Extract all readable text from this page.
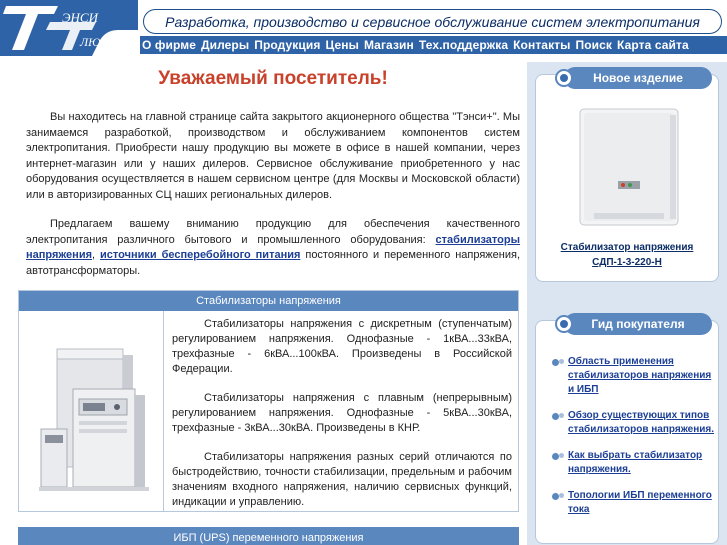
ЭНСИ
ЛЮС
Разработка, производство и сервисное обслуживание систем электропитания
О фирме Дилеры Продукция Цены Магазин Тех.поддержка Контакты Поиск Карта сайта
Уважаемый посетитель!

Вы находитесь на главной странице сайта закрытого акционерного общества "Тэнси+". Мы занимаемся разработкой, производством и обслуживанием компонентов систем электропитания. Приобрести нашу продукцию вы можете в офисе в нашей компании, через интернет-магазин или у наших дилеров. Сервисное обслуживание приобретенного у нас оборудования осуществляется в нашем сервисном центре (для Москвы и Московской области) или в авторизированных СЦ наших региональных дилеров.

Предлагаем вашему вниманию продукцию для обеспечения качественного электропитания различного бытового и промышленного оборудования: стабилизаторы напряжения, источники бесперебойного питания постоянного и переменного напряжения, автотрансформаторы.

Стабилизаторы напряжения

Стабилизаторы напряжения с дискретным (ступенчатым) регулированием напряжения. Однофазные - 1кВА...33кВА, трехфазные - 6кВА...100кВА. Произведены в Российской Федерации.

Стабилизаторы напряжения с плавным (непрерывным) регулированием напряжения. Однофазные - 5кВА...30кВА, трехфазные - 3кВА...30кВА. Произведены в КНР.

Стабилизаторы напряжения разных серий отличаются по быстродействию, точности стабилизации, предельным и рабочим значениям входного напряжения, наличию сервисных функций, индикации и управлению.

ИБП (UPS) переменного напряжения
Новое изделие
Стабилизатор напряжения
СДП-1-3-220-Н
Гид покупателя
Область применения стабилизаторов напряжения и ИБП
Обзор существующих типов стабилизаторов напряжения.
Как выбрать стабилизатор напряжения.
Топологии ИБП переменного тока
